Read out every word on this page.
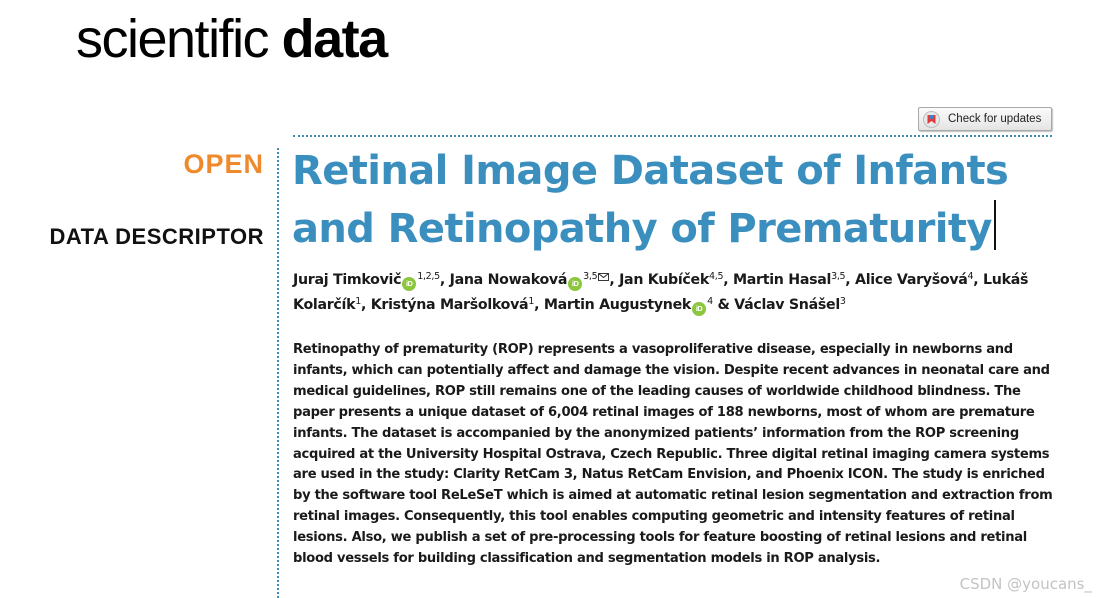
scientific data
Check for updates
OPEN
DATA DESCRIPTOR
Retinal Image Dataset of Infants
and Retinopathy of Prematurity

Juraj Timkovič iD$^{1,2,5}$, Jana Nowaková iD$^{3,5}$ , Jan Kubíček$^{4,5}$, Martin Hasal$^{3,5}$, Alice Varyšová$^4$, Lukáš Kolarčík$^1$, Kristýna Maršolková$^1$, Martin Augustynek $iD^4$ & Václav Snášel$^3$

Retinopathy of prematurity (ROP) represents a vasoproliferative disease, especially in newborns and infants, which can potentially affect and damage the vision. Despite recent advances in neonatal care and medical guidelines, ROP still remains one of the leading causes of worldwide childhood blindness. The paper presents a unique dataset of 6,004 retinal images of 188 newborns, most of whom are premature infants. The dataset is accompanied by the anonymized patients’ information from the ROP screening acquired at the University Hospital Ostrava, Czech Republic. Three digital retinal imaging camera systems are used in the study: Clarity RetCam 3, Natus RetCam Envision, and Phoenix ICON. The study is enriched by the software tool ReLeSeT which is aimed at automatic retinal lesion segmentation and extraction from retinal images. Consequently, this tool enables computing geometric and intensity features of retinal lesions. Also, we publish a set of pre-processing tools for feature boosting of retinal lesions and retinal blood vessels for building classification and segmentation models in ROP analysis.

CSDN @youcans_
